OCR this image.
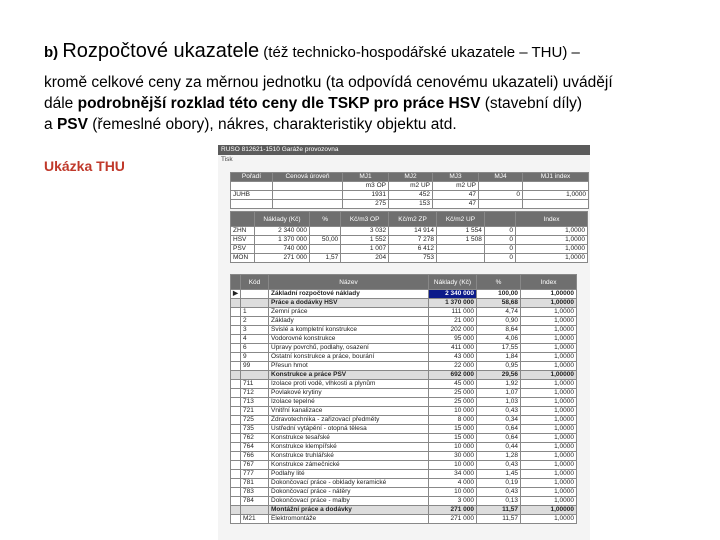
b) Rozpočtové ukazatele (též technicko-hospodářské ukazatele – THU) –
kromě celkové ceny za měrnou jednotku (ta odpovídá cenovému ukazateli) uvádějí
dále podrobnější rozklad této ceny dle TSKP pro práce HSV (stavební díly)
a PSV (řemeslné obory), nákres, charakteristiky objektu atd.
Ukázka THU
RUSO 812621-1510 Garáže provozovna
Tisk
Pořadí	Cenová úroveň	MJ1	MJ2	MJ3	MJ4	MJ1 index
		m3 OP	m2 UP	m2 UP		
JUHB		1931	452	47	0	1,0000
		275	153	47		
	Náklady (Kč)	%	Kč/m3 OP	Kč/m2 ZP	Kč/m2 UP		Index
ZHN	2 340 000		3 032	14 914	1 554	0	1,0000
HSV	1 370 000	50,00	1 552	7 278	1 508	0	1,0000
PSV	740 000		1 007	6 412		0	1,0000
MON	271 000	1,57	204	753		0	1,0000
	Kód	Název	Náklady (Kč)	%	Index
▶		Základní rozpočtové náklady	2 340 000	100,00	1,00000
		Práce a dodávky HSV	1 370 000	58,68	1,00000
	1	Zemní práce	111 000	4,74	1,0000
	2	Základy	21 000	0,90	1,0000
	3	Svislé a kompletní konstrukce	202 000	8,64	1,0000
	4	Vodorovné konstrukce	95 000	4,06	1,0000
	6	Úpravy povrchů, podlahy, osazení	411 000	17,55	1,0000
	9	Ostatní konstrukce a práce, bourání	43 000	1,84	1,0000
	99	Přesun hmot	22 000	0,95	1,0000
		Konstrukce a práce PSV	692 000	29,56	1,00000
	711	Izolace proti vodě, vlhkosti a plynům	45 000	1,92	1,0000
	712	Povlakové krytiny	25 000	1,07	1,0000
	713	Izolace tepelné	25 000	1,03	1,0000
	721	Vnitřní kanalizace	10 000	0,43	1,0000
	725	Zdravotechnika - zařizovací předměty	8 000	0,34	1,0000
	735	Ústřední vytápění - otopná tělesa	15 000	0,64	1,0000
	762	Konstrukce tesařské	15 000	0,64	1,0000
	764	Konstrukce klempířské	10 000	0,44	1,0000
	766	Konstrukce truhlářské	30 000	1,28	1,0000
	767	Konstrukce zámečnické	10 000	0,43	1,0000
	777	Podlahy lité	34 000	1,45	1,0000
	781	Dokončovací práce - obklady keramické	4 000	0,19	1,0000
	783	Dokončovací práce - nátěry	10 000	0,43	1,0000
	784	Dokončovací práce - malby	3 000	0,13	1,0000
		Montážní práce a dodávky	271 000	11,57	1,00000
	M21	Elektromontáže	271 000	11,57	1,0000
